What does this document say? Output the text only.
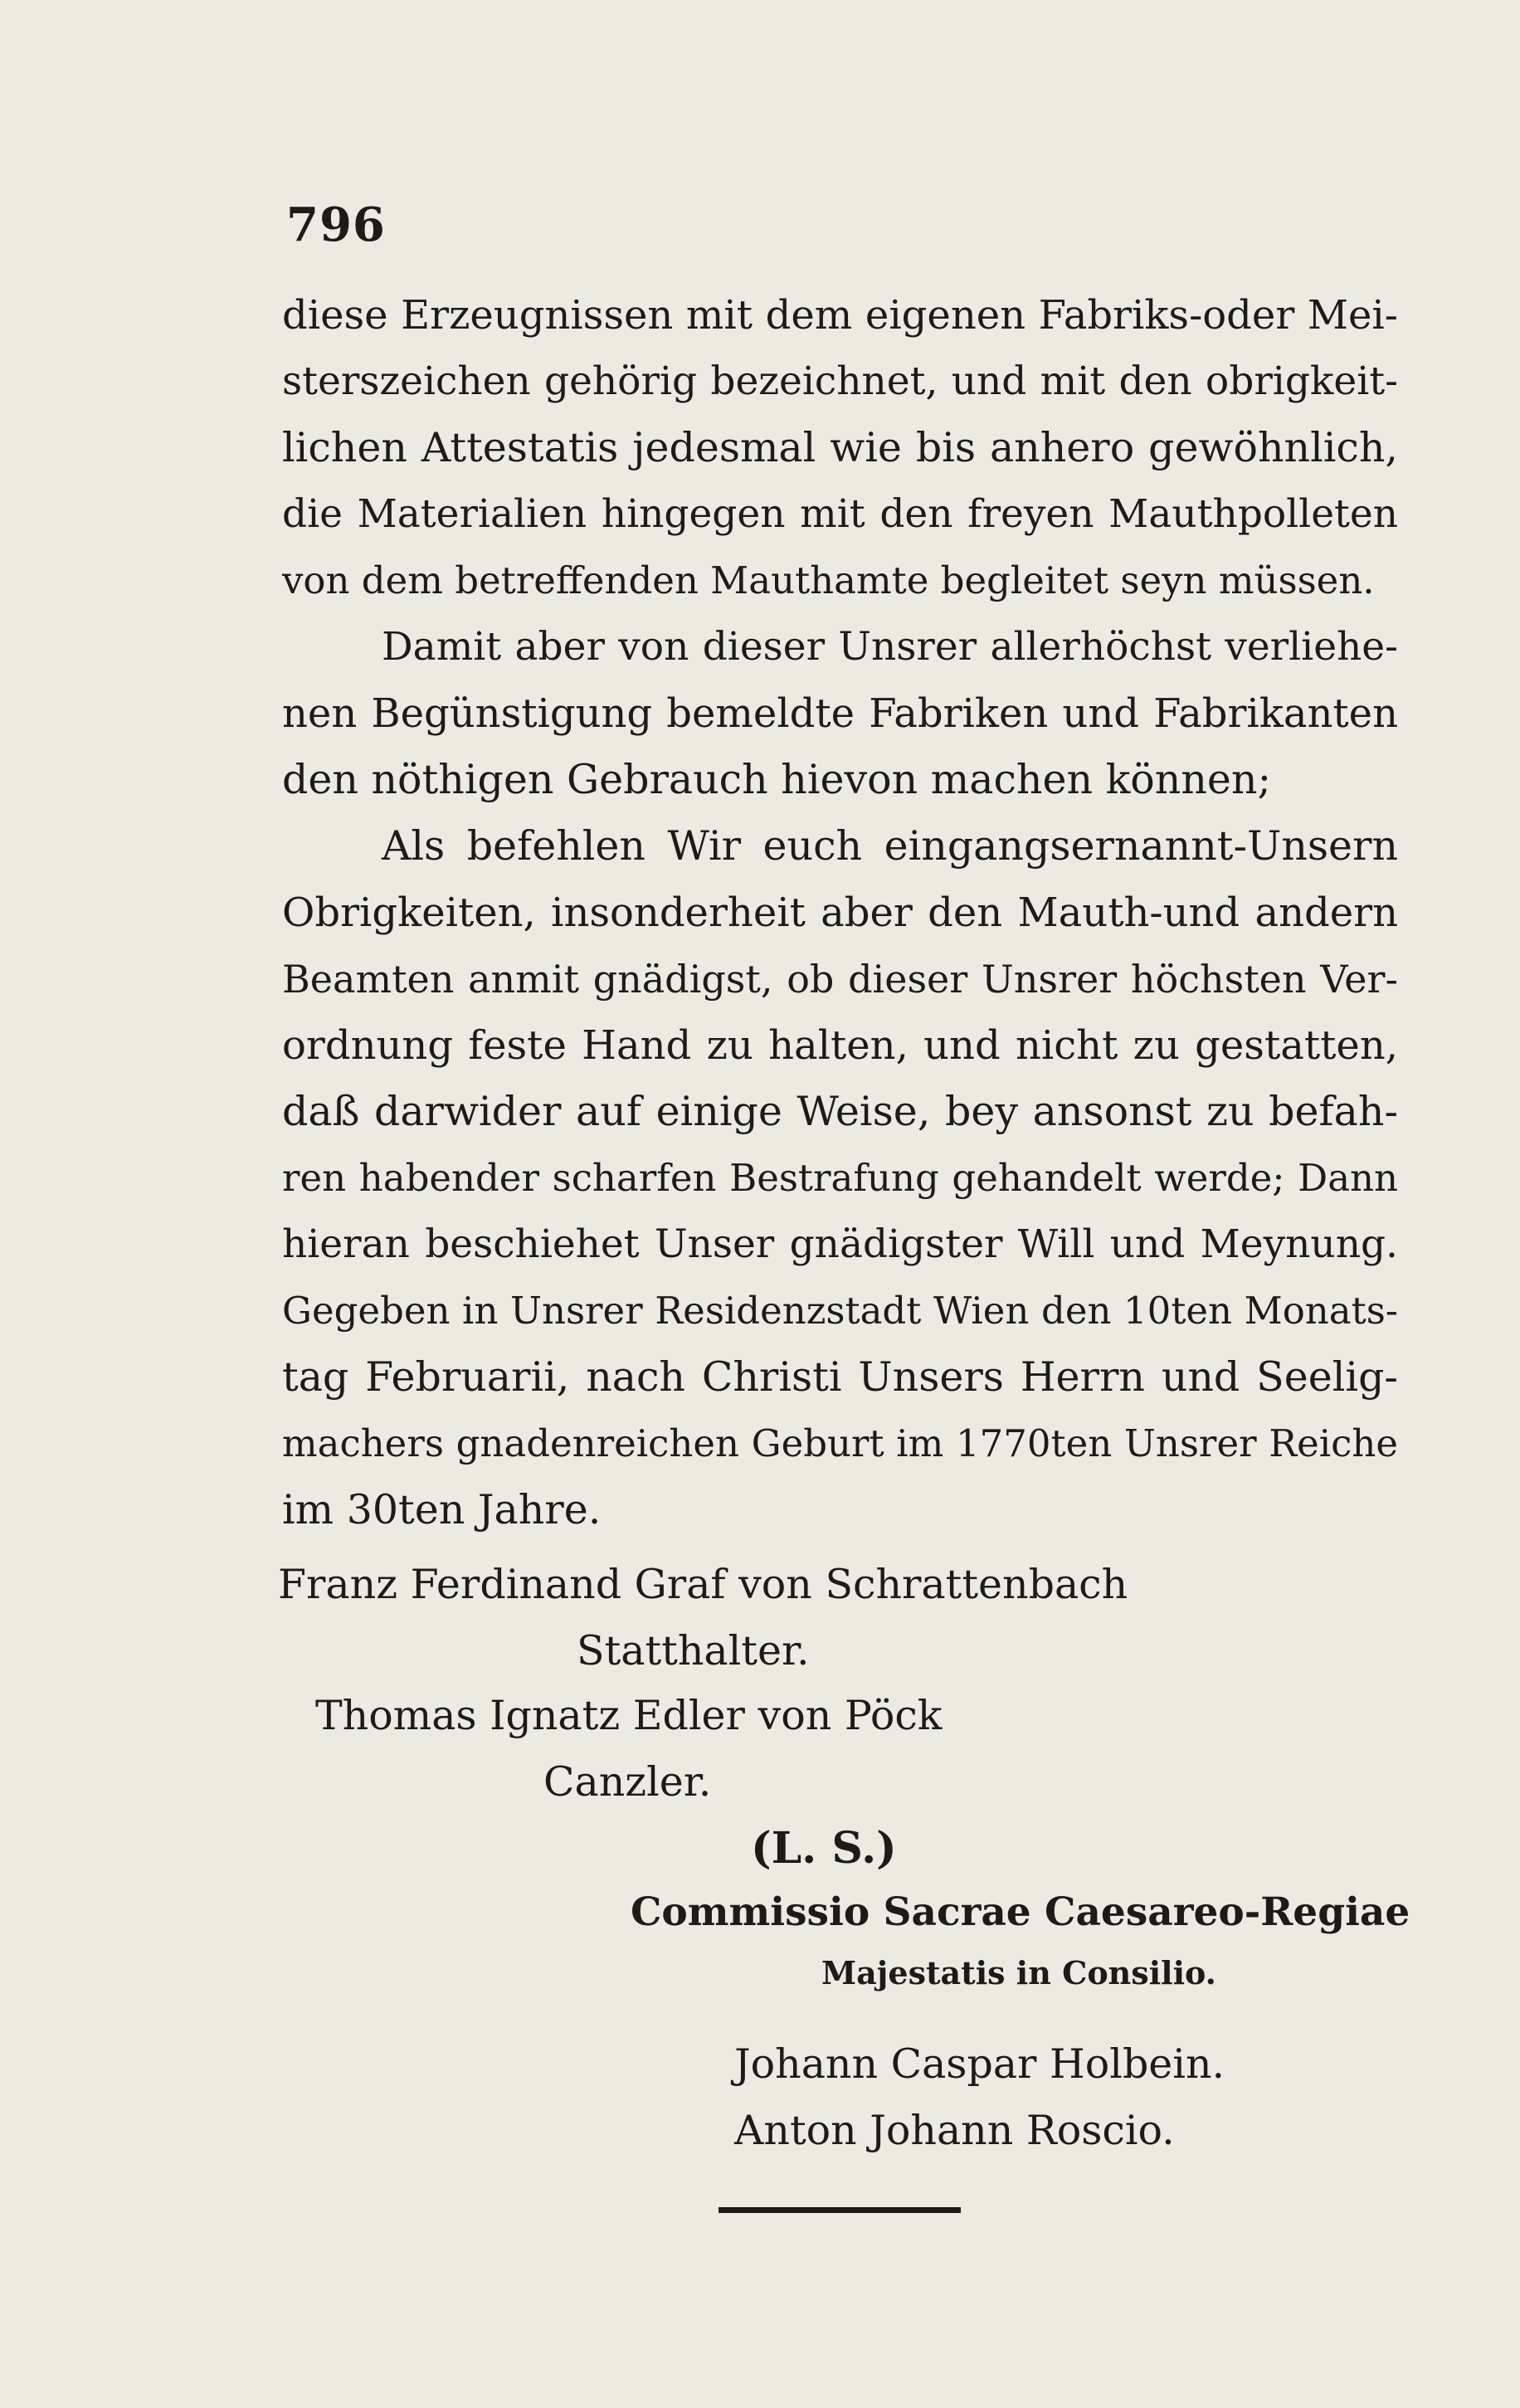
796
diese Erzeugnissen mit dem eigenen Fabriks-oder Mei-
sterszeichen gehörig bezeichnet, und mit den obrigkeit-
lichen Attestatis jedesmal wie bis anhero gewöhnlich,
die Materialien hingegen mit den freyen Mauthpolleten
von dem betreffenden Mauthamte begleitet seyn müssen.
Damit aber von dieser Unsrer allerhöchst verliehe-
nen Begünstigung bemeldte Fabriken und Fabrikanten
den nöthigen Gebrauch hievon machen können;
Als befehlen Wir euch eingangsernannt-Unsern
Obrigkeiten, insonderheit aber den Mauth-und andern
Beamten anmit gnädigst, ob dieser Unsrer höchsten Ver-
ordnung feste Hand zu halten, und nicht zu gestatten,
daß darwider auf einige Weise, bey ansonst zu befah-
ren habender scharfen Bestrafung gehandelt werde; Dann
hieran beschiehet Unser gnädigster Will und Meynung.
Gegeben in Unsrer Residenzstadt Wien den 10ten Monats-
tag Februarii, nach Christi Unsers Herrn und Seelig-
machers gnadenreichen Geburt im 1770ten Unsrer Reiche
im 30ten Jahre.
Franz Ferdinand Graf von Schrattenbach
Statthalter.
Thomas Ignatz Edler von Pöck
Canzler.
(L. S.)
Commissio Sacrae Caesareo-Regiae
Majestatis in Consilio.
Johann Caspar Holbein.
Anton Johann Roscio.
